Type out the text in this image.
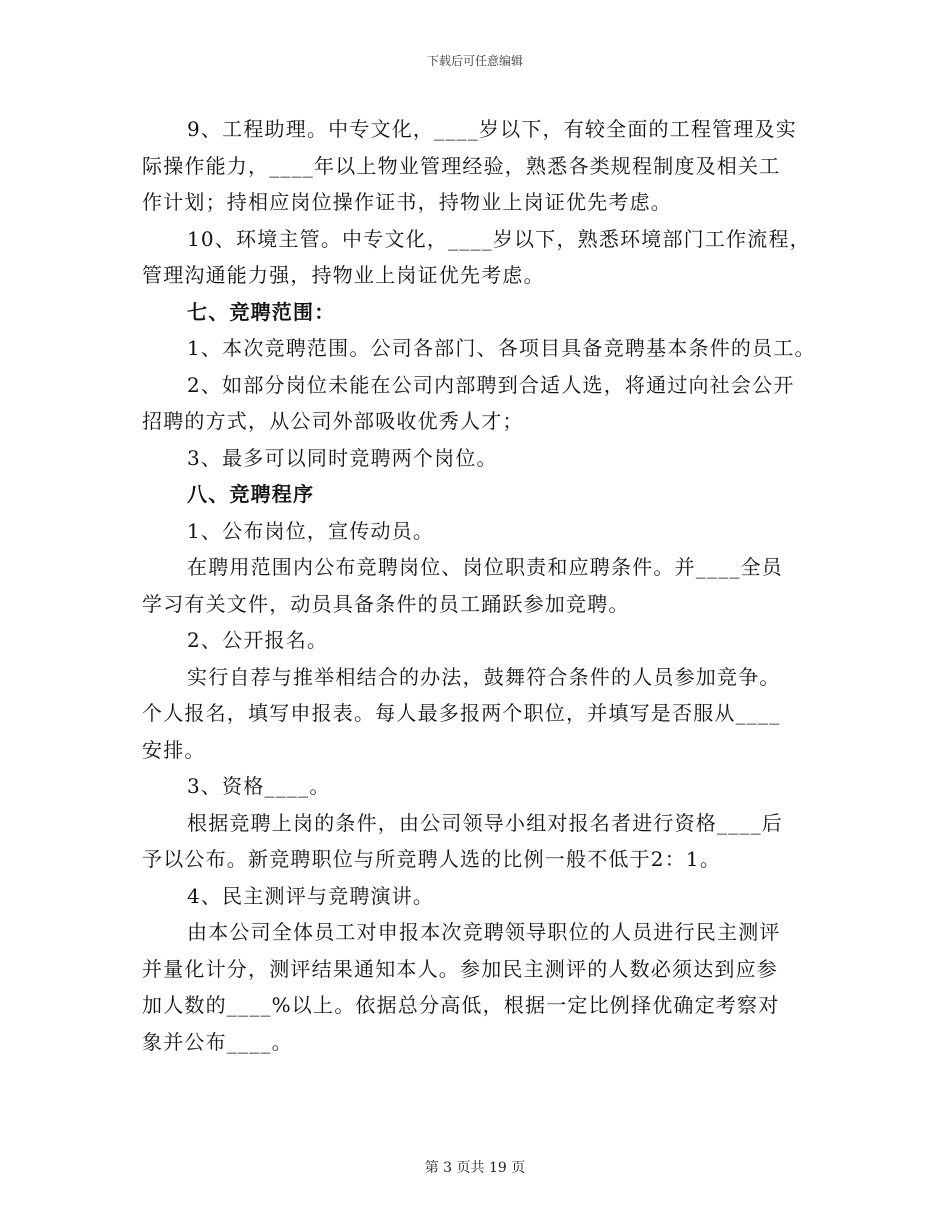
下载后可任意编辑
9、工程助理。中专文化，____岁以下，有较全面的工程管理及实
际操作能力，____年以上物业管理经验，熟悉各类规程制度及相关工
作计划；持相应岗位操作证书，持物业上岗证优先考虑。
10、环境主管。中专文化，____岁以下，熟悉环境部门工作流程，
管理沟通能力强，持物业上岗证优先考虑。
七、竞聘范围：
1、本次竞聘范围。公司各部门、各项目具备竞聘基本条件的员工。
2、如部分岗位未能在公司内部聘到合适人选，将通过向社会公开
招聘的方式，从公司外部吸收优秀人才；
3、最多可以同时竞聘两个岗位。
八、竞聘程序
1、公布岗位，宣传动员。
在聘用范围内公布竞聘岗位、岗位职责和应聘条件。并____全员
学习有关文件，动员具备条件的员工踊跃参加竞聘。
2、公开报名。
实行自荐与推举相结合的办法，鼓舞符合条件的人员参加竞争。
个人报名，填写申报表。每人最多报两个职位，并填写是否服从____
安排。
3、资格____。
根据竞聘上岗的条件，由公司领导小组对报名者进行资格____后
予以公布。新竞聘职位与所竞聘人选的比例一般不低于2：1。
4、民主测评与竞聘演讲。
由本公司全体员工对申报本次竞聘领导职位的人员进行民主测评
并量化计分，测评结果通知本人。参加民主测评的人数必须达到应参
加人数的____%以上。依据总分高低，根据一定比例择优确定考察对
象并公布____。
第 3 页共 19 页
